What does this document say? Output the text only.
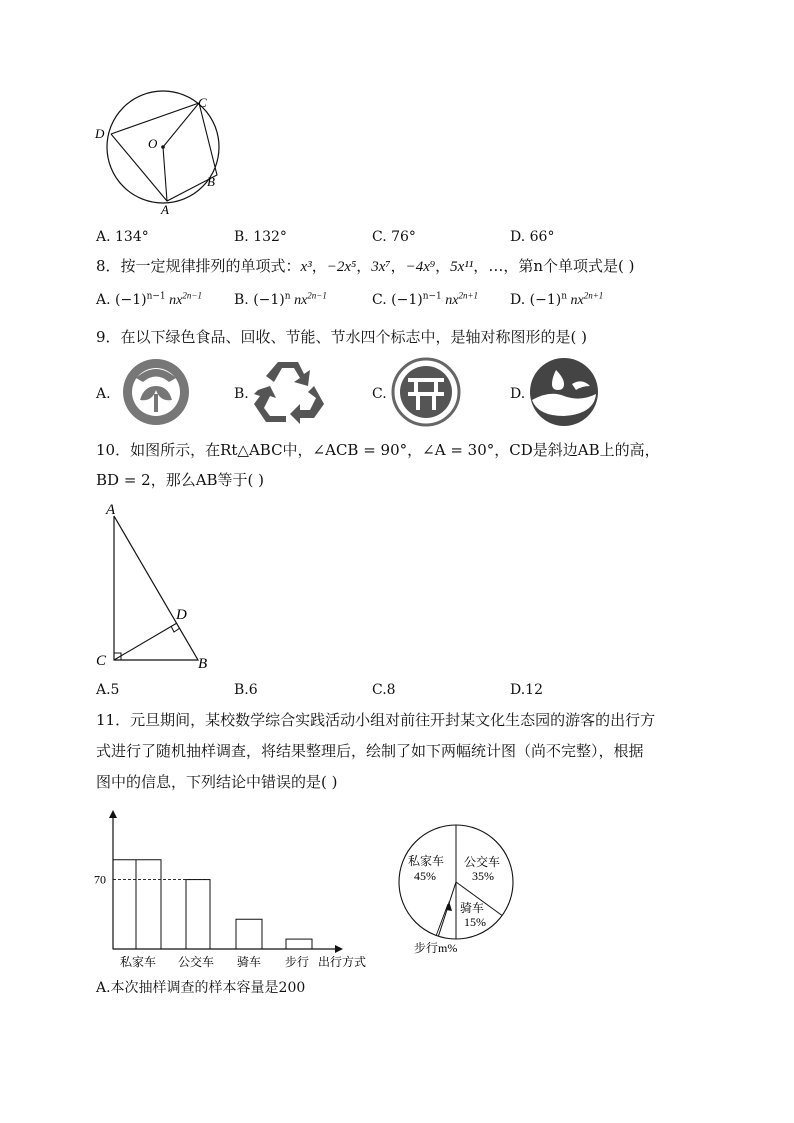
C
D
O
B
A
A. 134°	B. 132°	C. 76°	D. 66°
8．按一定规律排列的单项式：x³，−2x⁵，3x⁷，−4x⁹，5x¹¹，…，第n个单项式是( )
A. $(-1)^{n-1}$ $nx^{2n-1}$ B. $(-1)^n$ $nx^{2n-1}$	C. $(-1)^{n-1}$ $nx^{2n+1}$ D. $(-1)^n$ $nx^{2n+1}$
9．在以下绿色食品、回收、节能、节水四个标志中，是轴对称图形的是( )
A.	B.	C.	D.
10．如图所示，在Rt△ABC中，∠ACB = 90°，∠A = 30°，CD是斜边AB上的高，
BD = 2，那么AB等于( )
A
D
C	B
A.5	B.6	C.8	D.12
11．元旦期间，某校数学综合实践活动小组对前往开封某文化生态园的游客的出行方
式进行了随机抽样调查，将结果整理后，绘制了如下两幅统计图（尚不完整），根据
图中的信息，下列结论中错误的是( )
70
私家车 公交车 骑车 步行 出行方式
公交车
35%
骑车
15%
私家车
45%
步行 m%
A.本次抽样调查的样本容量是200
